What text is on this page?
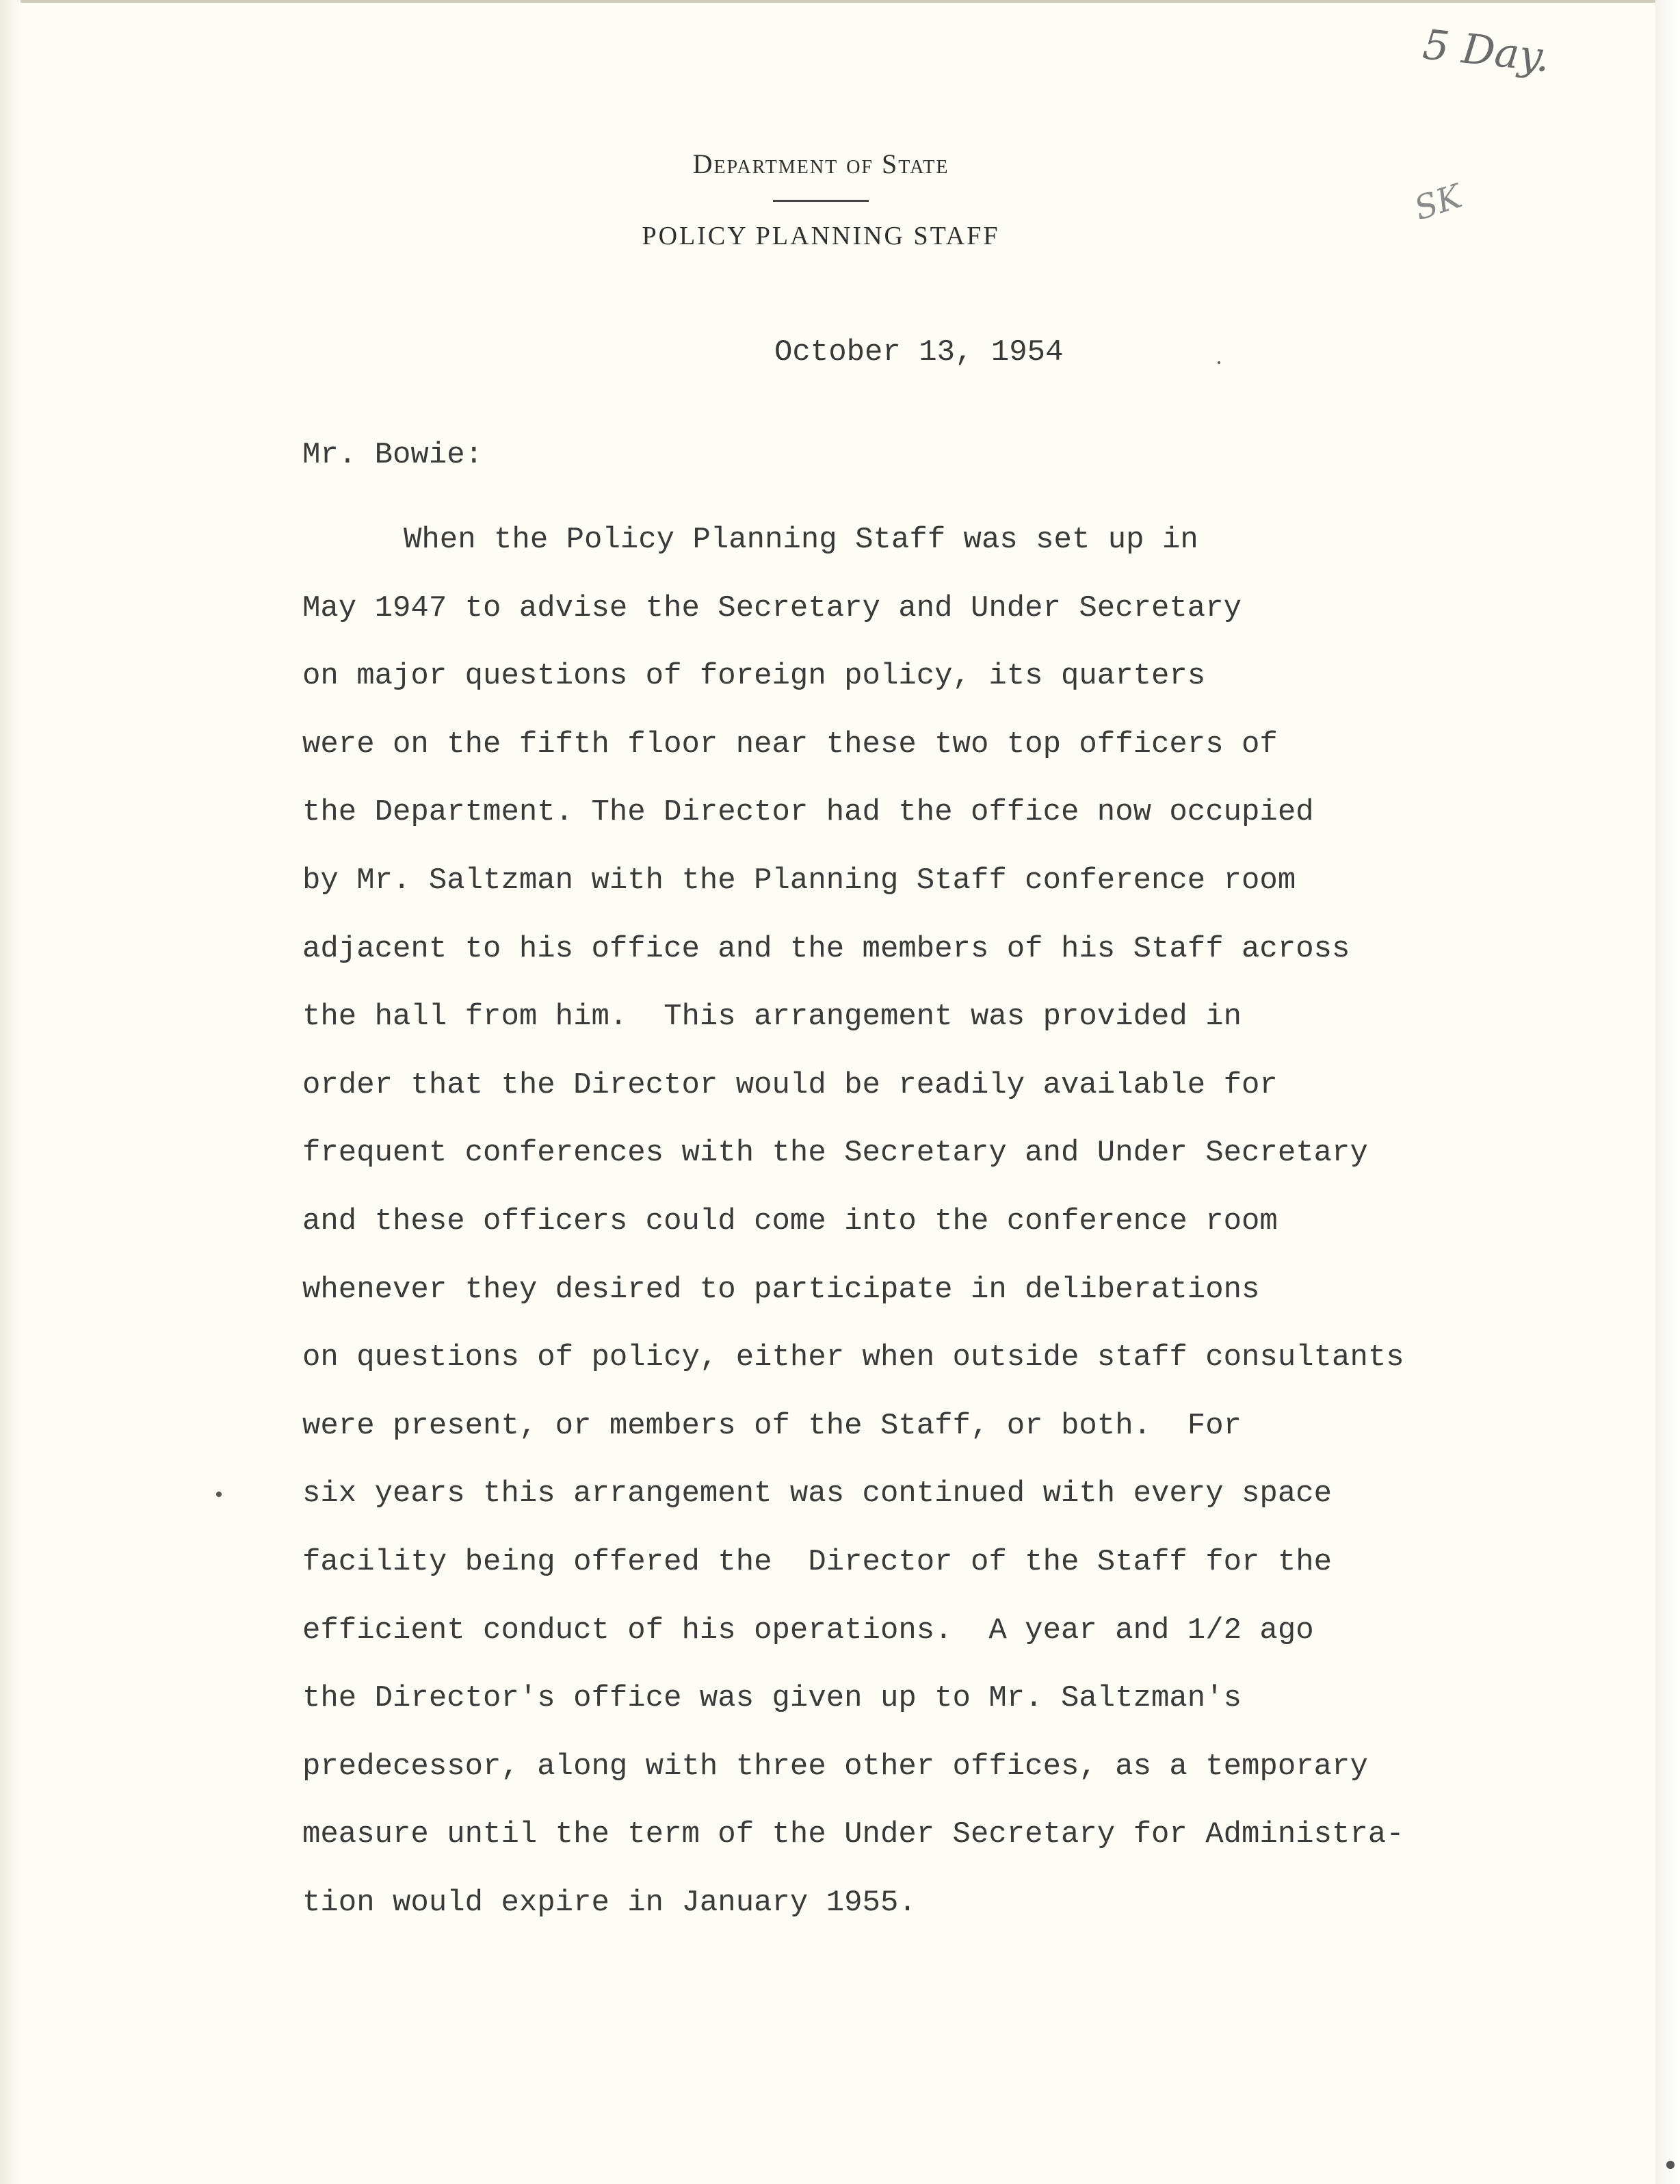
5 Day.
SK
Department of State
POLICY PLANNING STAFF
October 13, 1954
Mr. Bowie:
When the Policy Planning Staff was set up in
May 1947 to advise the Secretary and Under Secretary
on major questions of foreign policy, its quarters
were on the fifth floor near these two top officers of
the Department. The Director had the office now occupied
by Mr. Saltzman with the Planning Staff conference room
adjacent to his office and the members of his Staff across
the hall from him.  This arrangement was provided in
order that the Director would be readily available for
frequent conferences with the Secretary and Under Secretary
and these officers could come into the conference room
whenever they desired to participate in deliberations
on questions of policy, either when outside staff consultants
were present, or members of the Staff, or both.  For
six years this arrangement was continued with every space
facility being offered the  Director of the Staff for the
efficient conduct of his operations.  A year and 1/2 ago
the Director's office was given up to Mr. Saltzman's
predecessor, along with three other offices, as a temporary
measure until the term of the Under Secretary for Administra-
tion would expire in January 1955.
